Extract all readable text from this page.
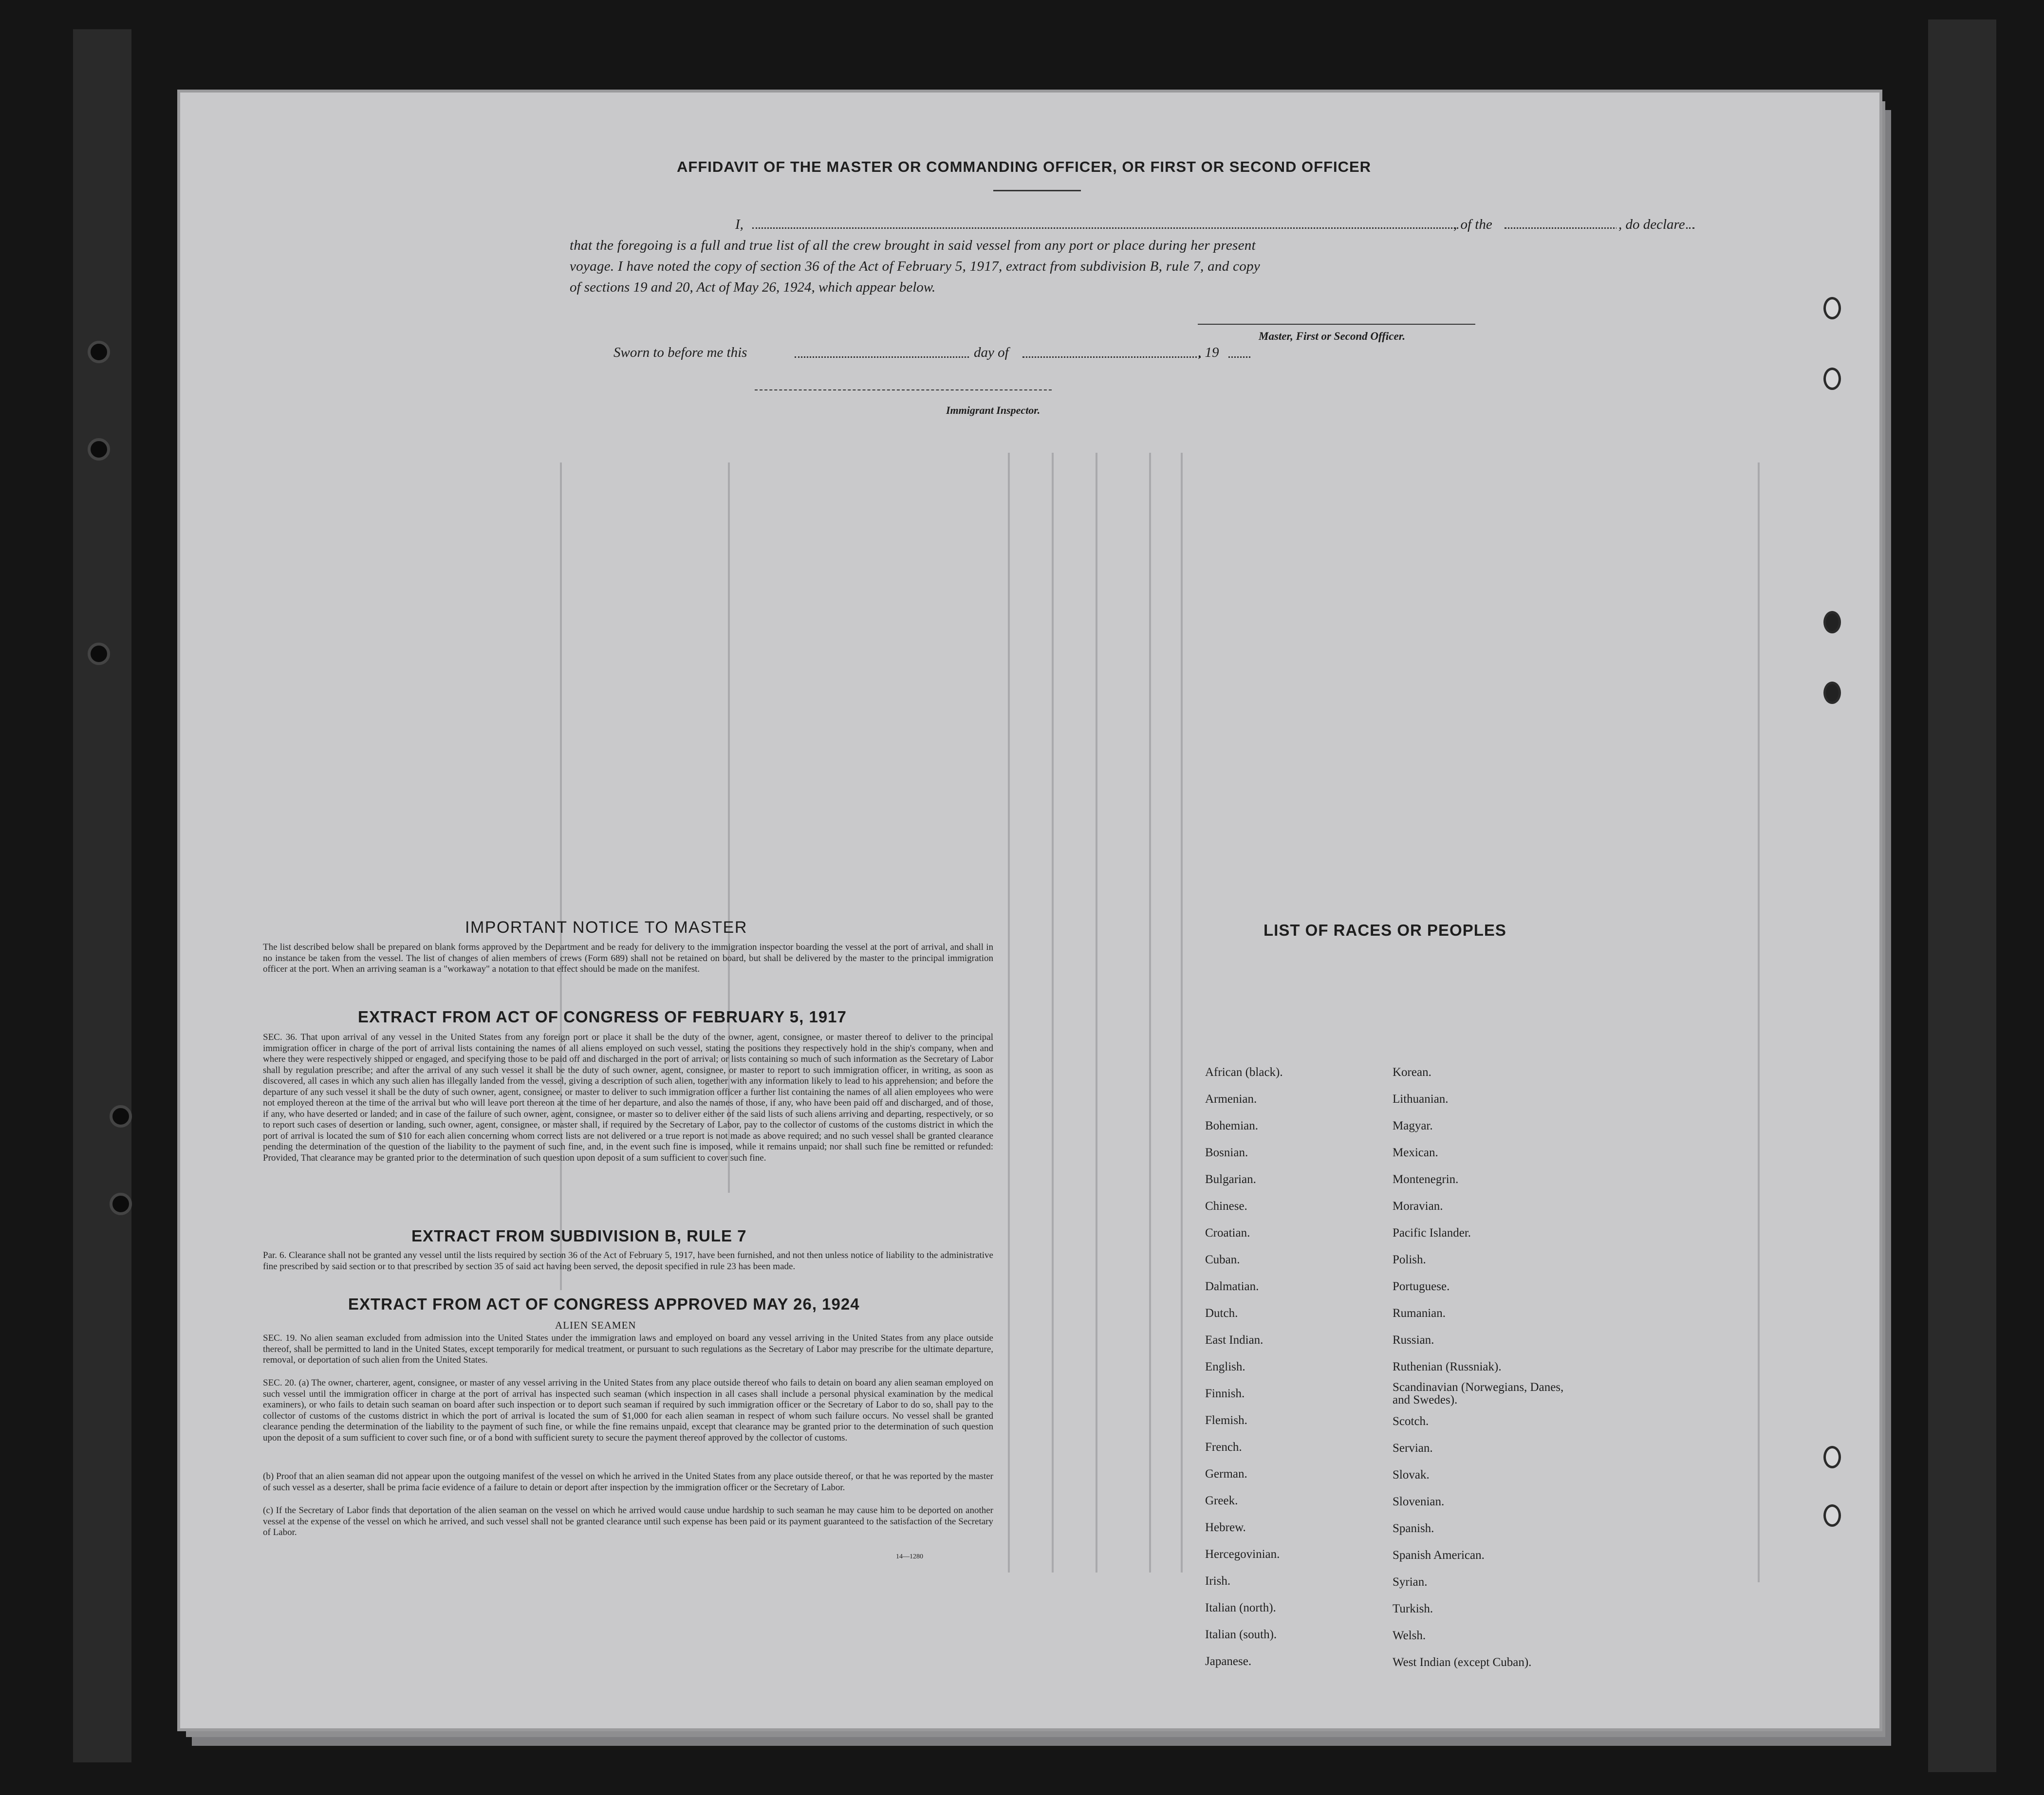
AFFIDAVIT OF THE MASTER OR COMMANDING OFFICER, OR FIRST OR SECOND OFFICER
I,	, of the	, do declare
that the foregoing is a full and true list of all the crew brought in said vessel from any port or place during her present
voyage. I have noted the copy of section 36 of the Act of February 5, 1917, extract from subdivision B, rule 7, and copy
of sections 19 and 20, Act of May 26, 1924, which appear below.
Master, First or Second Officer.
Sworn to before me this	day of	, 19
Immigrant Inspector.
IMPORTANT NOTICE TO MASTER
The list described below shall be prepared on blank forms approved by the Department and be ready for delivery to the immigration inspector boarding the vessel at the port of arrival, and shall in no instance be taken from the vessel. The list of changes of alien members of crews (Form 689) shall not be retained on board, but shall be delivered by the master to the principal immigration officer at the port. When an arriving seaman is a "workaway" a notation to that effect should be made on the manifest.
EXTRACT FROM ACT OF CONGRESS OF FEBRUARY 5, 1917
SEC. 36. That upon arrival of any vessel in the United States from any foreign port or place it shall be the duty of the owner, agent, consignee, or master thereof to deliver to the principal immigration officer in charge of the port of arrival lists containing the names of all aliens employed on such vessel, stating the positions they respectively hold in the ship's company, when and where they were respectively shipped or engaged, and specifying those to be paid off and discharged in the port of arrival; or lists containing so much of such information as the Secretary of Labor shall by regulation prescribe; and after the arrival of any such vessel it shall be the duty of such owner, agent, consignee, or master to report to such immigration officer, in writing, as soon as discovered, all cases in which any such alien has illegally landed from the vessel, giving a description of such alien, together with any information likely to lead to his apprehension; and before the departure of any such vessel it shall be the duty of such owner, agent, consignee, or master to deliver to such immigration officer a further list containing the names of all alien employees who were not employed thereon at the time of the arrival but who will leave port thereon at the time of her departure, and also the names of those, if any, who have been paid off and discharged, and of those, if any, who have deserted or landed; and in case of the failure of such owner, agent, consignee, or master so to deliver either of the said lists of such aliens arriving and departing, respectively, or so to report such cases of desertion or landing, such owner, agent, consignee, or master shall, if required by the Secretary of Labor, pay to the collector of customs of the customs district in which the port of arrival is located the sum of $10 for each alien concerning whom correct lists are not delivered or a true report is not made as above required; and no such vessel shall be granted clearance pending the determination of the question of the liability to the payment of such fine, and, in the event such fine is imposed, while it remains unpaid; nor shall such fine be remitted or refunded: Provided, That clearance may be granted prior to the determination of such question upon deposit of a sum sufficient to cover such fine.
EXTRACT FROM SUBDIVISION B, RULE 7
Par. 6. Clearance shall not be granted any vessel until the lists required by section 36 of the Act of February 5, 1917, have been furnished, and not then unless notice of liability to the administrative fine prescribed by said section or to that prescribed by section 35 of said act having been served, the deposit specified in rule 23 has been made.
EXTRACT FROM ACT OF CONGRESS APPROVED MAY 26, 1924
ALIEN SEAMEN
SEC. 19. No alien seaman excluded from admission into the United States under the immigration laws and employed on board any vessel arriving in the United States from any place outside thereof, shall be permitted to land in the United States, except temporarily for medical treatment, or pursuant to such regulations as the Secretary of Labor may prescribe for the ultimate departure, removal, or deportation of such alien from the United States.
SEC. 20. (a) The owner, charterer, agent, consignee, or master of any vessel arriving in the United States from any place outside thereof who fails to detain on board any alien seaman employed on such vessel until the immigration officer in charge at the port of arrival has inspected such seaman (which inspection in all cases shall include a personal physical examination by the medical examiners), or who fails to detain such seaman on board after such inspection or to deport such seaman if required by such immigration officer or the Secretary of Labor to do so, shall pay to the collector of customs of the customs district in which the port of arrival is located the sum of $1,000 for each alien seaman in respect of whom such failure occurs. No vessel shall be granted clearance pending the determination of the liability to the payment of such fine, or while the fine remains unpaid, except that clearance may be granted prior to the determination of such question upon the deposit of a sum sufficient to cover such fine, or of a bond with sufficient surety to secure the payment thereof approved by the collector of customs.
(b) Proof that an alien seaman did not appear upon the outgoing manifest of the vessel on which he arrived in the United States from any place outside thereof, or that he was reported by the master of such vessel as a deserter, shall be prima facie evidence of a failure to detain or deport after inspection by the immigration officer or the Secretary of Labor.
(c) If the Secretary of Labor finds that deportation of the alien seaman on the vessel on which he arrived would cause undue hardship to such seaman he may cause him to be deported on another vessel at the expense of the vessel on which he arrived, and such vessel shall not be granted clearance until such expense has been paid or its payment guaranteed to the satisfaction of the Secretary of Labor.
14—1280
LIST OF RACES OR PEOPLES
African (black).
Armenian.
Bohemian.
Bosnian.
Bulgarian.
Chinese.
Croatian.
Cuban.
Dalmatian.
Dutch.
East Indian.
English.
Finnish.
Flemish.
French.
German.
Greek.
Hebrew.
Hercegovinian.
Irish.
Italian (north).
Italian (south).
Japanese.
Korean.
Lithuanian.
Magyar.
Mexican.
Montenegrin.
Moravian.
Pacific Islander.
Polish.
Portuguese.
Rumanian.
Russian.
Ruthenian (Russniak).
Scandinavian (Norwegians, Danes, and Swedes).
Scotch.
Servian.
Slovak.
Slovenian.
Spanish.
Spanish American.
Syrian.
Turkish.
Welsh.
West Indian (except Cuban).
